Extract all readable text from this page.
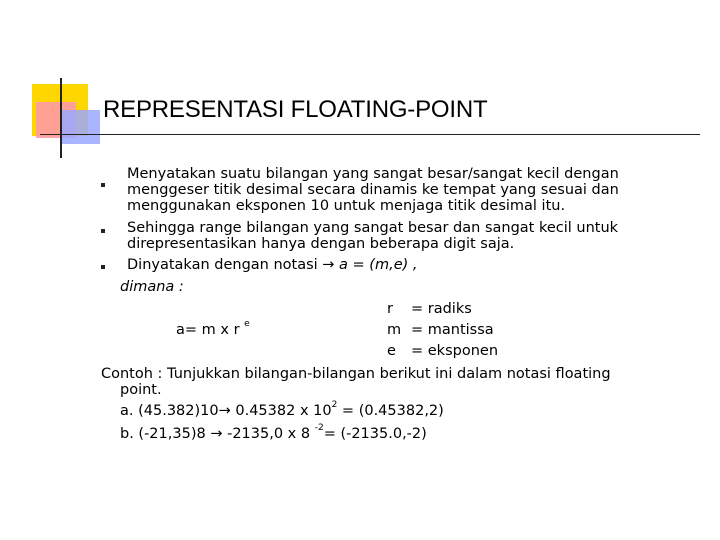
REPRESENTASI FLOATING-POINT
Menyatakan suatu bilangan yang sangat besar/sangat kecil dengan
menggeser titik desimal secara dinamis ke tempat yang sesuai dan
menggunakan eksponen 10 untuk menjaga titik desimal itu.
Sehingga range bilangan yang sangat besar dan sangat kecil untuk
direpresentasikan hanya dengan beberapa digit saja.
Dinyatakan dengan notasi → a = (m,e) ,
dimana :
r = radiks
a= m x r $^e$	m = mantissa
e = eksponen
Contoh : Tunjukkan bilangan-bilangan berikut ini dalam notasi floating
point.
a. (45.382)10→ 0.45382 x $10^2 = (0.45382,2)$
b. (-21,35)8 → -2135,0 x 8 $^{-2}$= (-2135.0,-2)
